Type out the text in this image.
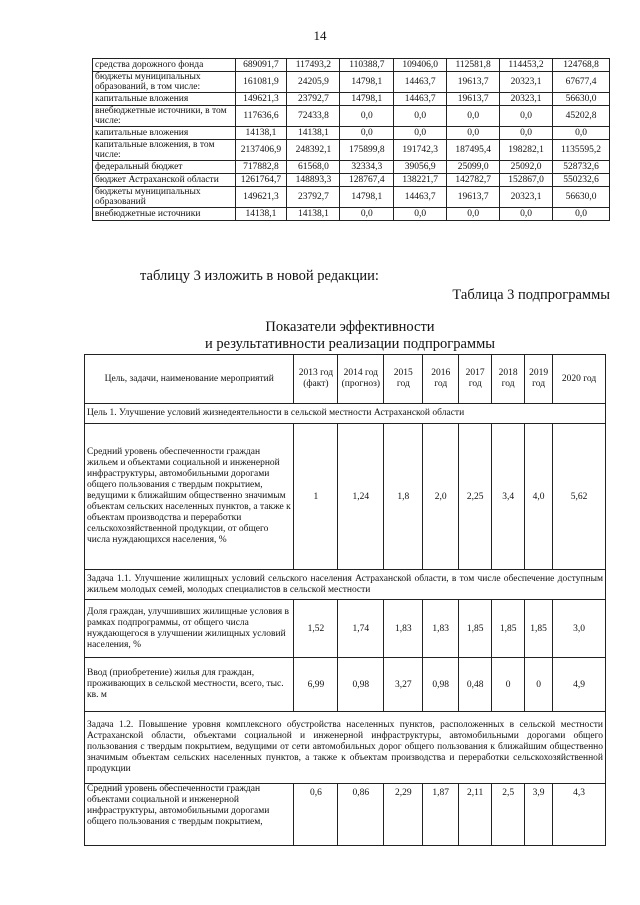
14
средства дорожного фонда	689091,7	117493,2	110388,7	109406,0	112581,8	114453,2	124768,8
бюджеты муниципальных образований, в том числе:	161081,9	24205,9	14798,1	14463,7	19613,7	20323,1	67677,4
капитальные вложения	149621,3	23792,7	14798,1	14463,7	19613,7	20323,1	56630,0
внебюджетные источники, в том числе:	117636,6	72433,8	0,0	0,0	0,0	0,0	45202,8
капитальные вложения	14138,1	14138,1	0,0	0,0	0,0	0,0	0,0
капитальные вложения, в том числе:	2137406,9	248392,1	175899,8	191742,3	187495,4	198282,1	1135595,2
федеральный бюджет	717882,8	61568,0	32334,3	39056,9	25099,0	25092,0	528732,6
бюджет Астраханской области	1261764,7	148893,3	128767,4	138221,7	142782,7	152867,0	550232,6
бюджеты муниципальных образований	149621,3	23792,7	14798,1	14463,7	19613,7	20323,1	56630,0
внебюджетные источники	14138,1	14138,1	0,0	0,0	0,0	0,0	0,0
таблицу 3 изложить в новой редакции:
Таблица 3 подпрограммы
Показатели эффективности
и результативности реализации подпрограммы
Цель, задачи, наименование мероприятий	2013 год (факт)	2014 год (прогноз)	2015 год	2016 год	2017 год	2018 год	2019 год	2020 год
Цель 1. Улучшение условий жизнедеятельности в сельской местности Астраханской области								
Средний уровень обеспеченности граждан жильем и объектами социальной и инженерной инфраструктуры, автомобильными дорогами общего пользования с твердым покрытием, ведущими к ближайшим общественно значимым объектам сельских населенных пунктов, а также к объектам производства и переработки сельскохозяйственной продукции, от общего числа нуждающихся населения, %	1	1,24	1,8	2,0	2,25	3,4	4,0	5,62
Задача 1.1. Улучшение жилищных условий сельского населения Астраханской области, в том числе обеспечение доступным жильем молодых семей, молодых специалистов в сельской местности								
Доля граждан, улучшивших жилищные условия в рамках подпрограммы, от общего числа нуждающегося в улучшении жилищных условий населения, %	1,52	1,74	1,83	1,83	1,85	1,85	1,85	3,0
Ввод (приобретение) жилья для граждан, проживающих в сельской местности, всего, тыс. кв. м	6,99	0,98	3,27	0,98	0,48	0	0	4,9
Задача 1.2. Повышение уровня комплексного обустройства населенных пунктов, расположенных в сельской местности Астраханской области, объектами социальной и инженерной инфраструктуры, автомобильными дорогами общего пользования с твердым покрытием, ведущими от сети автомобильных дорог общего пользования к ближайшим общественно значимым объектам сельских населенных пунктов, а также к объектам производства и переработки сельскохозяйственной продукции								
Средний уровень обеспеченности граждан объектами социальной и инженерной инфраструктуры, автомобильными дорогами общего пользования с твердым покрытием,	0,6	0,86	2,29	1,87	2,11	2,5	3,9	4,3
